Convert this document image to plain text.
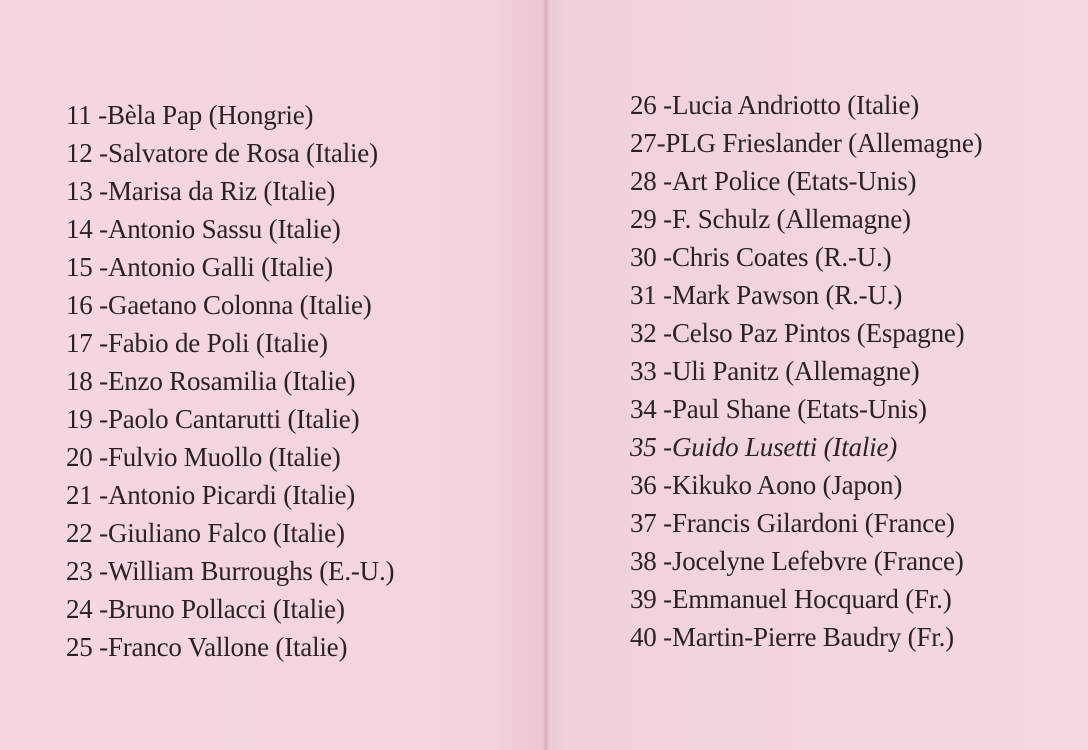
11 -Bèla Pap (Hongrie)
12 -Salvatore de Rosa (Italie)
13 -Marisa da Riz (Italie)
14 -Antonio Sassu (Italie)
15 -Antonio Galli (Italie)
16 -Gaetano Colonna (Italie)
17 -Fabio de Poli (Italie)
18 -Enzo Rosamilia (Italie)
19 -Paolo Cantarutti (Italie)
20 -Fulvio Muollo (Italie)
21 -Antonio Picardi (Italie)
22 -Giuliano Falco (Italie)
23 -William Burroughs (E.-U.)
24 -Bruno Pollacci (Italie)
25 -Franco Vallone (Italie)
26 -Lucia Andriotto (Italie)
27-PLG Frieslander (Allemagne)
28 -Art Police (Etats-Unis)
29 -F. Schulz (Allemagne)
30 -Chris Coates (R.-U.)
31 -Mark Pawson (R.-U.)
32 -Celso Paz Pintos (Espagne)
33 -Uli Panitz (Allemagne)
34 -Paul Shane (Etats-Unis)
35 -Guido Lusetti (Italie)
36 -Kikuko Aono (Japon)
37 -Francis Gilardoni (France)
38 -Jocelyne Lefebvre (France)
39 -Emmanuel Hocquard (Fr.)
40 -Martin-Pierre Baudry (Fr.)
